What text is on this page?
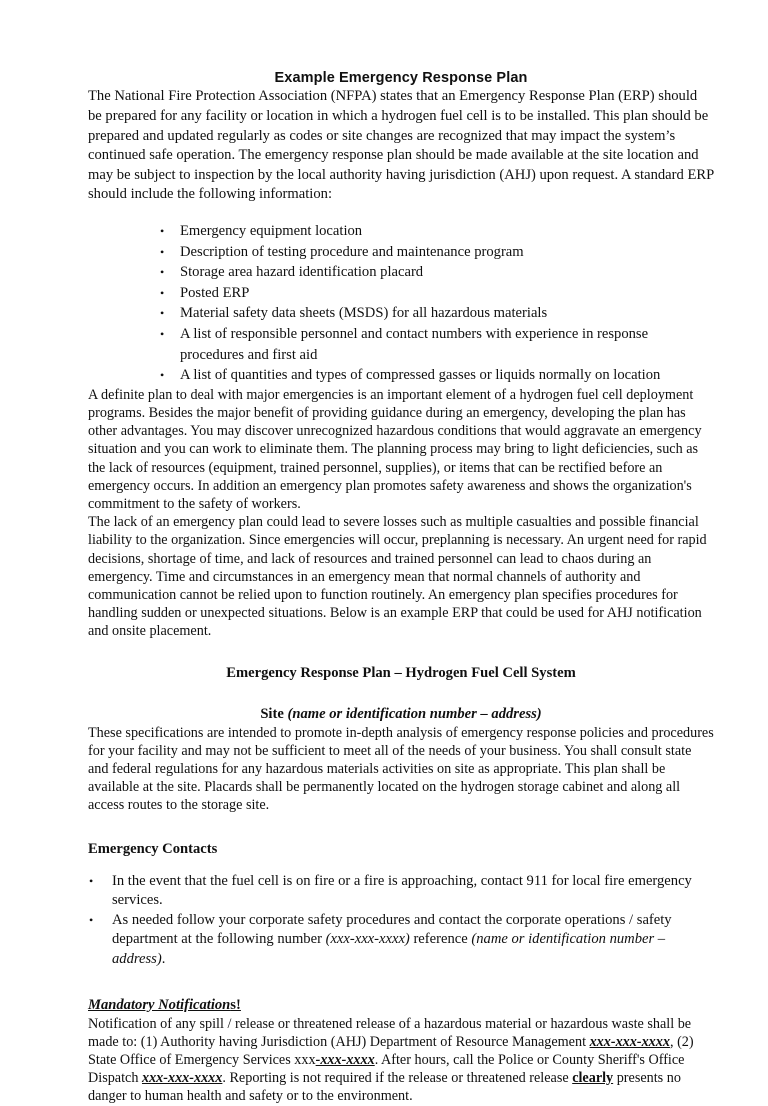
Example Emergency Response Plan

The National Fire Protection Association (NFPA) states that an Emergency Response Plan (ERP) should be prepared for any facility or location in which a hydrogen fuel cell is to be installed. This plan should be prepared and updated regularly as codes or site changes are recognized that may impact the system’s continued safe operation. The emergency response plan should be made available at the site location and may be subject to inspection by the local authority having jurisdiction (AHJ) upon request. A standard ERP should include the following information:

• Emergency equipment location
• Description of testing procedure and maintenance program
• Storage area hazard identification placard
• Posted ERP
• Material safety data sheets (MSDS) for all hazardous materials
• A list of responsible personnel and contact numbers with experience in response procedures and first aid
• A list of quantities and types of compressed gasses or liquids normally on location

A definite plan to deal with major emergencies is an important element of a hydrogen fuel cell deployment programs. Besides the major benefit of providing guidance during an emergency, developing the plan has other advantages. You may discover unrecognized hazardous conditions that would aggravate an emergency situation and you can work to eliminate them. The planning process may bring to light deficiencies, such as the lack of resources (equipment, trained personnel, supplies), or items that can be rectified before an emergency occurs. In addition an emergency plan promotes safety awareness and shows the organization's commitment to the safety of workers.

The lack of an emergency plan could lead to severe losses such as multiple casualties and possible financial liability to the organization. Since emergencies will occur, preplanning is necessary. An urgent need for rapid decisions, shortage of time, and lack of resources and trained personnel can lead to chaos during an emergency. Time and circumstances in an emergency mean that normal channels of authority and communication cannot be relied upon to function routinely. An emergency plan specifies procedures for handling sudden or unexpected situations. Below is an example ERP that could be used for AHJ notification and onsite placement.

Emergency Response Plan – Hydrogen Fuel Cell System

Site (name or identification number – address)

These specifications are intended to promote in-depth analysis of emergency response policies and procedures for your facility and may not be sufficient to meet all of the needs of your business. You shall consult state and federal regulations for any hazardous materials activities on site as appropriate. This plan shall be available at the site. Placards shall be permanently located on the hydrogen storage cabinet and along all access routes to the storage site.

Emergency Contacts

• In the event that the fuel cell is on fire or a fire is approaching, contact 911 for local fire emergency services.
• As needed follow your corporate safety procedures and contact the corporate operations / safety department at the following number (xxx-xxx-xxxx) reference (name or identification number – address).

Mandatory Notifications!

Notification of any spill / release or threatened release of a hazardous material or hazardous waste shall be made to: (1) Authority having Jurisdiction (AHJ) Department of Resource Management xxx-xxx-xxxx, (2) State Office of Emergency Services xxx-xxx-xxxx. After hours, call the Police or County Sheriff's Office Dispatch xxx-xxx-xxxx. Reporting is not required if the release or threatened release clearly presents no danger to human health and safety or to the environment.
